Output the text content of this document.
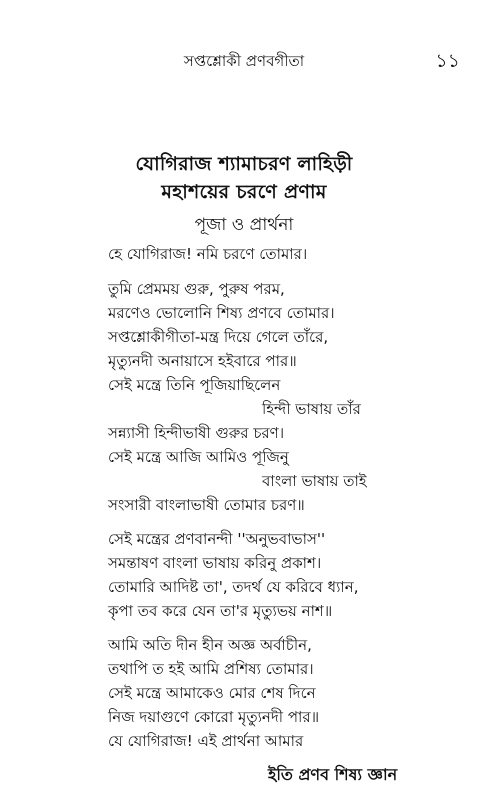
সপ্তশ্লোকী প্রণবগীতা	১১
যোগিরাজ শ্যামাচরণ লাহিড়ী
মহাশয়ের চরণে প্রণাম
পূজা ও প্রার্থনা
হে যোগিরাজ! নমি চরণে তোমার।
তুমি প্রেমময় গুরু, পুরুষ পরম,
মরণেও ভোলোনি শিষ্য প্রণবে তোমার।
সপ্তশ্লোকীগীতা-মন্ত্র দিয়ে গেলে তাঁরে,
মৃত্যুনদী অনায়াসে হইবারে পার॥
সেই মন্ত্রে তিনি পূজিয়াছিলেন
হিন্দী ভাষায় তাঁর
সন্ন্যাসী হিন্দীভাষী গুরুর চরণ।
সেই মন্ত্রে আজি আমিও পূজিনু
বাংলা ভাষায় তাই
সংসারী বাংলাভাষী তোমার চরণ॥
সেই মন্ত্রের প্রণবানন্দী ''অনুভবাভাস''
সমন্তাষণ বাংলা ভাষায় করিনু প্রকাশ।
তোমারি আদিষ্ট তা', তদর্থ যে করিবে ধ্যান,
কৃপা তব করে যেন তা'র মৃত্যুভয় নাশ॥
আমি অতি দীন হীন অজ্ঞ অর্বাচীন,
তথাপি ত হই আমি প্রশিষ্য তোমার।
সেই মন্ত্রে আমাকেও মোর শেষ দিনে
নিজ দয়াগুণে কোরো মৃত্যুনদী পার॥
যে যোগিরাজ! এই প্রার্থনা আমার
ইতি প্রণব শিষ্য জ্ঞান
